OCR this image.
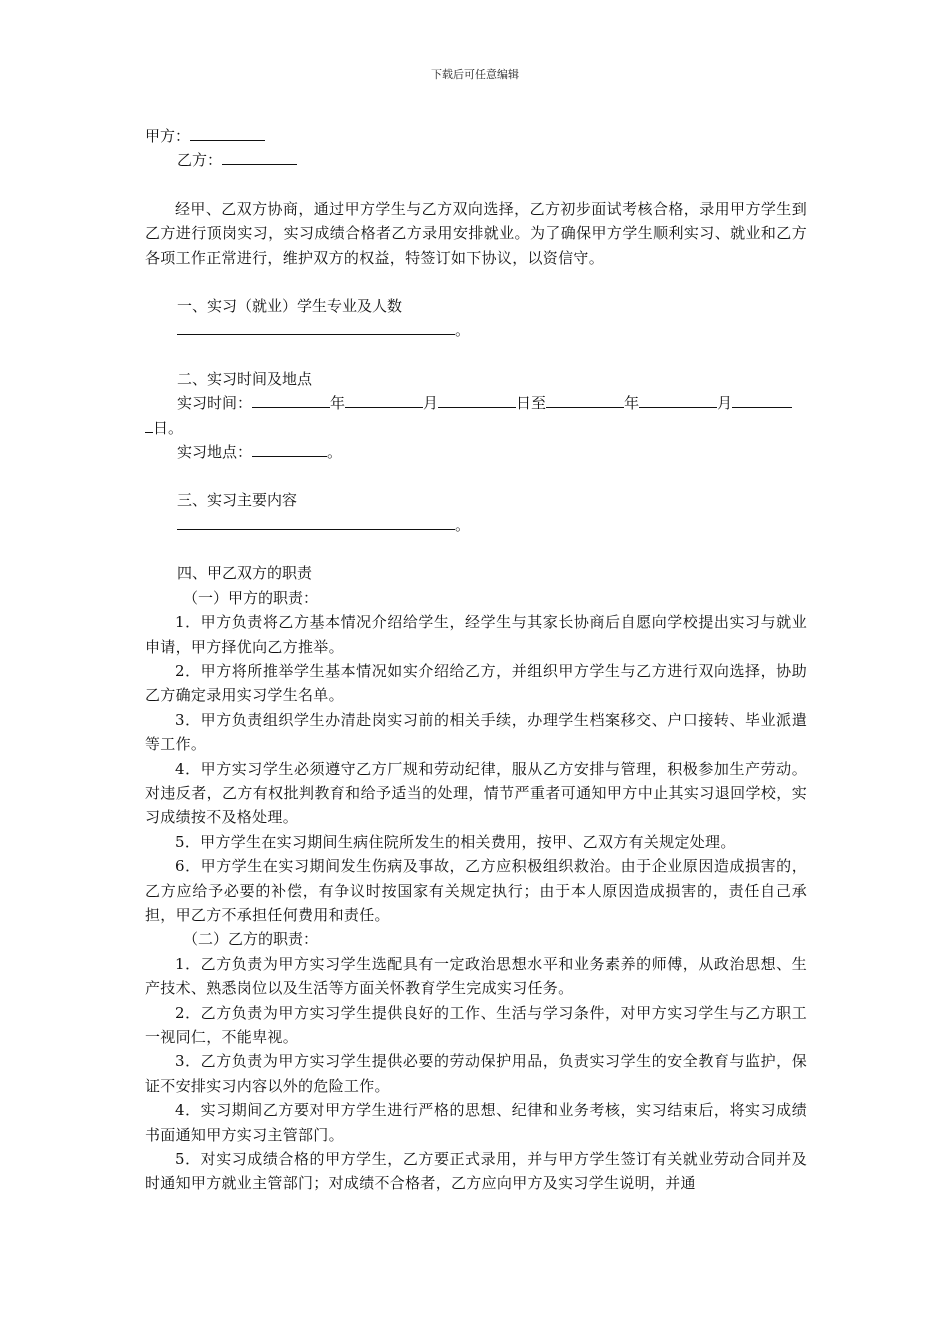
下载后可任意编辑
甲方：
乙方：
经甲、乙双方协商，通过甲方学生与乙方双向选择，乙方初步面试考核合格，录用甲方学生到乙方进行顶岗实习，实习成绩合格者乙方录用安排就业。为了确保甲方学生顺利实习、就业和乙方各项工作正常进行，维护双方的权益，特签订如下协议，以资信守。
一、实习（就业）学生专业及人数
。
二、实习时间及地点
实习时间：	年	月	日至	年	月
日。
实习地点：	。
三、实习主要内容
。
四、甲乙双方的职责
（一）甲方的职责：
1．甲方负责将乙方基本情况介绍给学生，经学生与其家长协商后自愿向学校提出实习与就业申请，甲方择优向乙方推举。
2．甲方将所推举学生基本情况如实介绍给乙方，并组织甲方学生与乙方进行双向选择，协助乙方确定录用实习学生名单。
3．甲方负责组织学生办清赴岗实习前的相关手续，办理学生档案移交、户口接转、毕业派遣等工作。
4．甲方实习学生必须遵守乙方厂规和劳动纪律，服从乙方安排与管理，积极参加生产劳动。对违反者，乙方有权批判教育和给予适当的处理，情节严重者可通知甲方中止其实习退回学校，实习成绩按不及格处理。
5．甲方学生在实习期间生病住院所发生的相关费用，按甲、乙双方有关规定处理。
6．甲方学生在实习期间发生伤病及事故，乙方应积极组织救治。由于企业原因造成损害的，乙方应给予必要的补偿，有争议时按国家有关规定执行；由于本人原因造成损害的，责任自己承担，甲乙方不承担任何费用和责任。
（二）乙方的职责：
1．乙方负责为甲方实习学生选配具有一定政治思想水平和业务素养的师傅，从政治思想、生产技术、熟悉岗位以及生活等方面关怀教育学生完成实习任务。
2．乙方负责为甲方实习学生提供良好的工作、生活与学习条件，对甲方实习学生与乙方职工一视同仁，不能卑视。
3．乙方负责为甲方实习学生提供必要的劳动保护用品，负责实习学生的安全教育与监护，保证不安排实习内容以外的危险工作。
4．实习期间乙方要对甲方学生进行严格的思想、纪律和业务考核，实习结束后，将实习成绩书面通知甲方实习主管部门。
5．对实习成绩合格的甲方学生，乙方要正式录用，并与甲方学生签订有关就业劳动合同并及时通知甲方就业主管部门；对成绩不合格者，乙方应向甲方及实习学生说明，并通
